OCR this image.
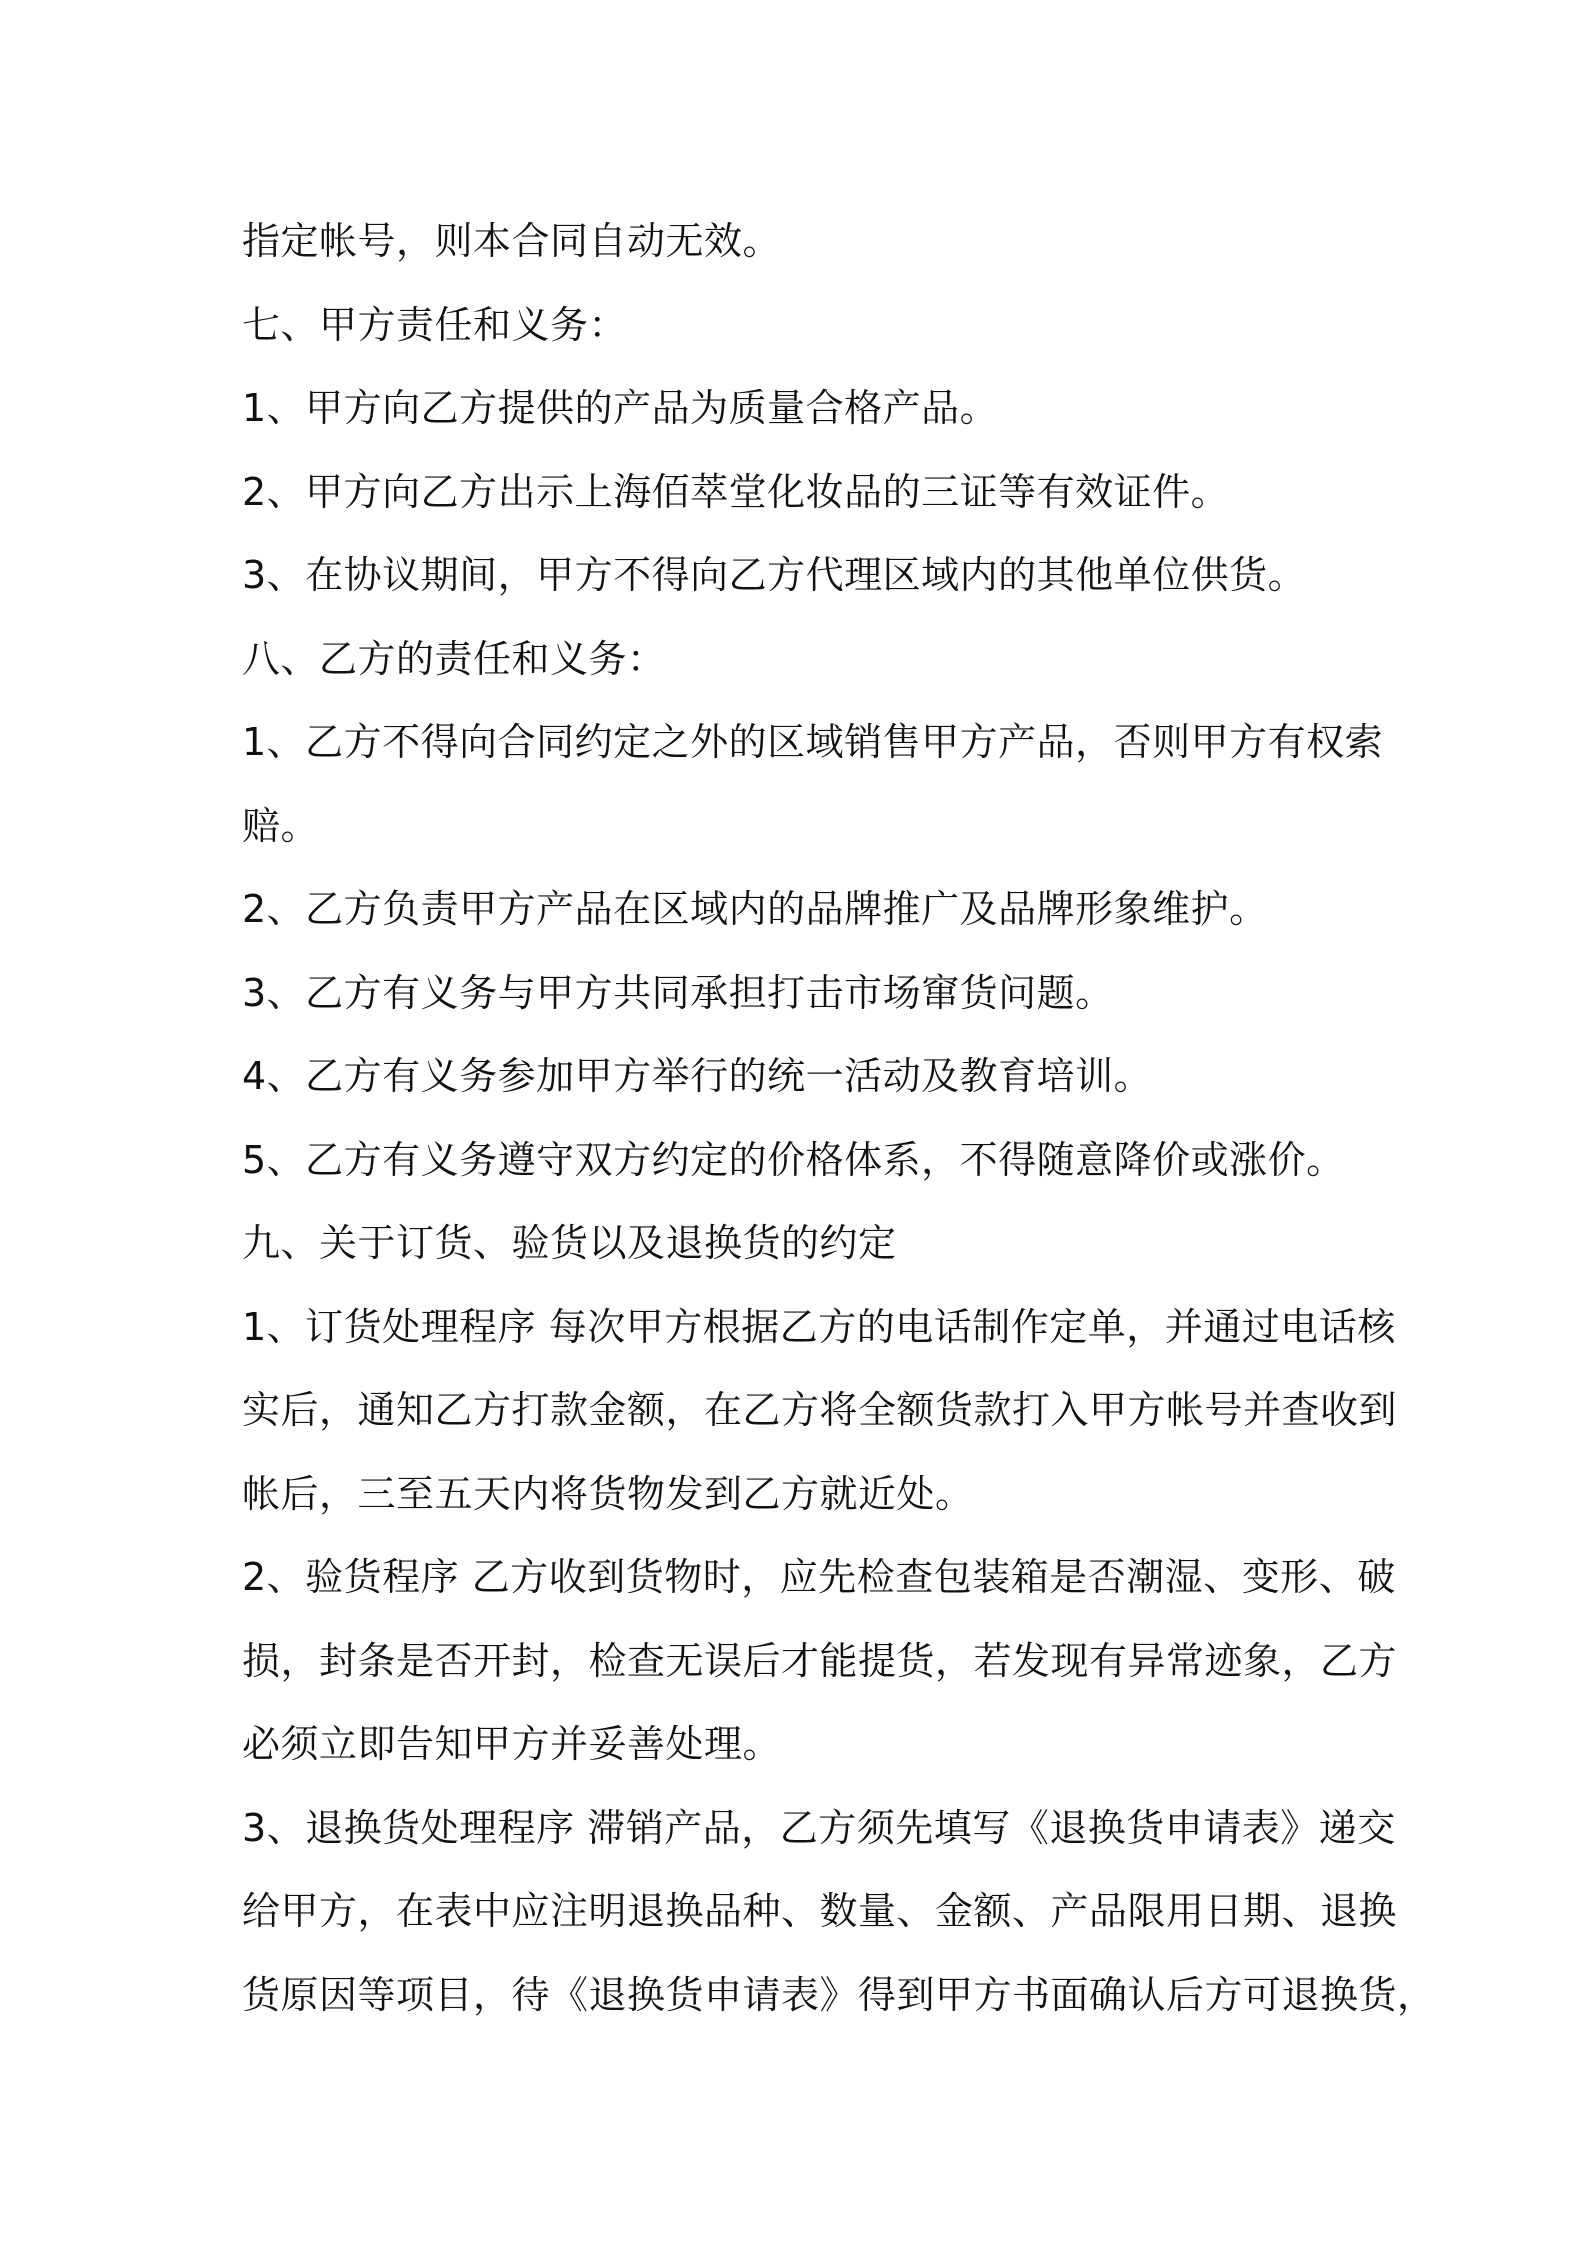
指定帐号，则本合同自动无效。

七、甲方责任和义务：

1、甲方向乙方提供的产品为质量合格产品。

2、甲方向乙方出示上海佰萃堂化妆品的三证等有效证件。

3、在协议期间，甲方不得向乙方代理区域内的其他单位供货。

八、乙方的责任和义务：

1、乙方不得向合同约定之外的区域销售甲方产品，否则甲方有权索

赔。

2、乙方负责甲方产品在区域内的品牌推广及品牌形象维护。

3、乙方有义务与甲方共同承担打击市场窜货问题。

4、乙方有义务参加甲方举行的统一活动及教育培训。

5、乙方有义务遵守双方约定的价格体系，不得随意降价或涨价。

九、关于订货、验货以及退换货的约定

1、订货处理程序 每次甲方根据乙方的电话制作定单，并通过电话核

实后，通知乙方打款金额，在乙方将全额货款打入甲方帐号并查收到

帐后，三至五天内将货物发到乙方就近处。

2、验货程序 乙方收到货物时，应先检查包装箱是否潮湿、变形、破

损，封条是否开封，检查无误后才能提货，若发现有异常迹象，乙方

必须立即告知甲方并妥善处理。

3、退换货处理程序 滞销产品，乙方须先填写《退换货申请表》递交

给甲方，在表中应注明退换品种、数量、金额、产品限用日期、退换

货原因等项目，待《退换货申请表》得到甲方书面确认后方可退换货，
